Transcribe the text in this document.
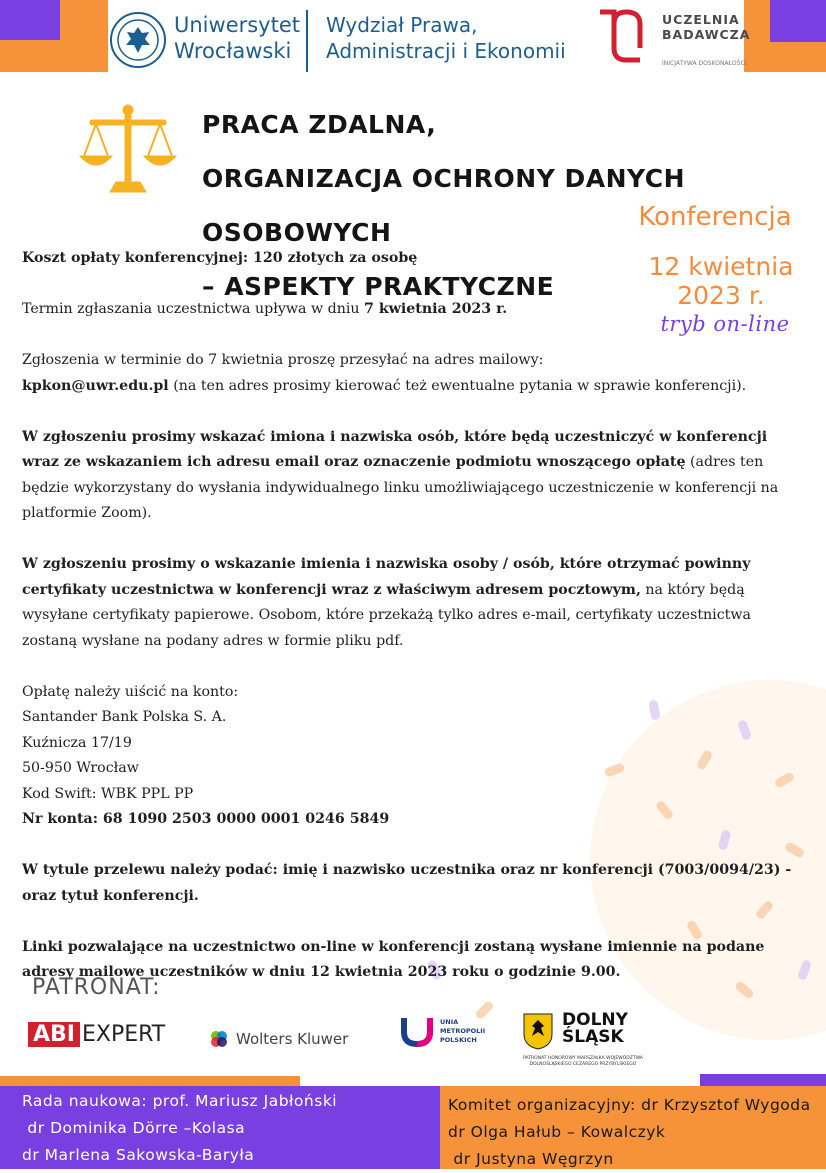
Uniwersytet
Wrocławski
Wydział Prawa,
Administracji i Ekonomii
UCZELNIA
BADAWCZA
INICJATYWA DOSKONAŁOŚCI
PRACA ZDALNA,
ORGANIZACJA OCHRONY DANYCH OSOBOWYCH
– ASPEKTY PRAKTYCZNE
Konferencja
12 kwietnia 2023 r.
tryb on-line

Koszt opłaty konferencyjnej: 120 złotych za osobę

Termin zgłaszania uczestnictwa upływa w dniu 7 kwietnia 2023 r.

Zgłoszenia w terminie do 7 kwietnia proszę przesyłać na adres mailowy:

kpkon@uwr.edu.pl (na ten adres prosimy kierować też ewentualne pytania w sprawie konferencji).

W zgłoszeniu prosimy wskazać imiona i nazwiska osób, które będą uczestniczyć w konferencji wraz ze wskazaniem ich adresu email oraz oznaczenie podmiotu wnoszącego opłatę (adres ten będzie wykorzystany do wysłania indywidualnego linku umożliwiającego uczestniczenie w konferencji na platformie Zoom).

W zgłoszeniu prosimy o wskazanie imienia i nazwiska osoby / osób, które otrzymać powinny certyfikaty uczestnictwa w konferencji wraz z właściwym adresem pocztowym, na który będą wysyłane certyfikaty papierowe. Osobom, które przekażą tylko adres e-mail, certyfikaty uczestnictwa zostaną wysłane na podany adres w formie pliku pdf.

Opłatę należy uiścić na konto:

Santander Bank Polska S. A.

Kuźnicza 17/19

50-950 Wrocław

Kod Swift: WBK PPL PP

Nr konta: 68 1090 2503 0000 0001 0246 5849

W tytule przelewu należy podać: imię i nazwisko uczestnika oraz nr konferencji (7003/0094/23) - oraz tytuł konferencji.

Linki pozwalające na uczestnictwo on-line w konferencji zostaną wysłane imiennie na podane adresy mailowe uczestników w dniu 12 kwietnia 2023 roku o godzinie 9.00.

PATRONAT:
ABI EXPERT	Wolters Kluwer
UNIA
METROPOLII
POLSKICH
DOLNY
ŚLĄSK
PATRONAT HONOROWY MARSZAŁKA WOJEWÓDZTWA DOLNOŚLĄSKIEGO CEZAREGO PRZYBYLSKIEGO
Rada naukowa: prof. Mariusz Jabłoński
dr Dominika Dörre –Kolasa
dr Marlena Sakowska-Baryła
Komitet organizacyjny: dr Krzysztof Wygoda
dr Olga Hałub – Kowalczyk
dr Justyna Węgrzyn
